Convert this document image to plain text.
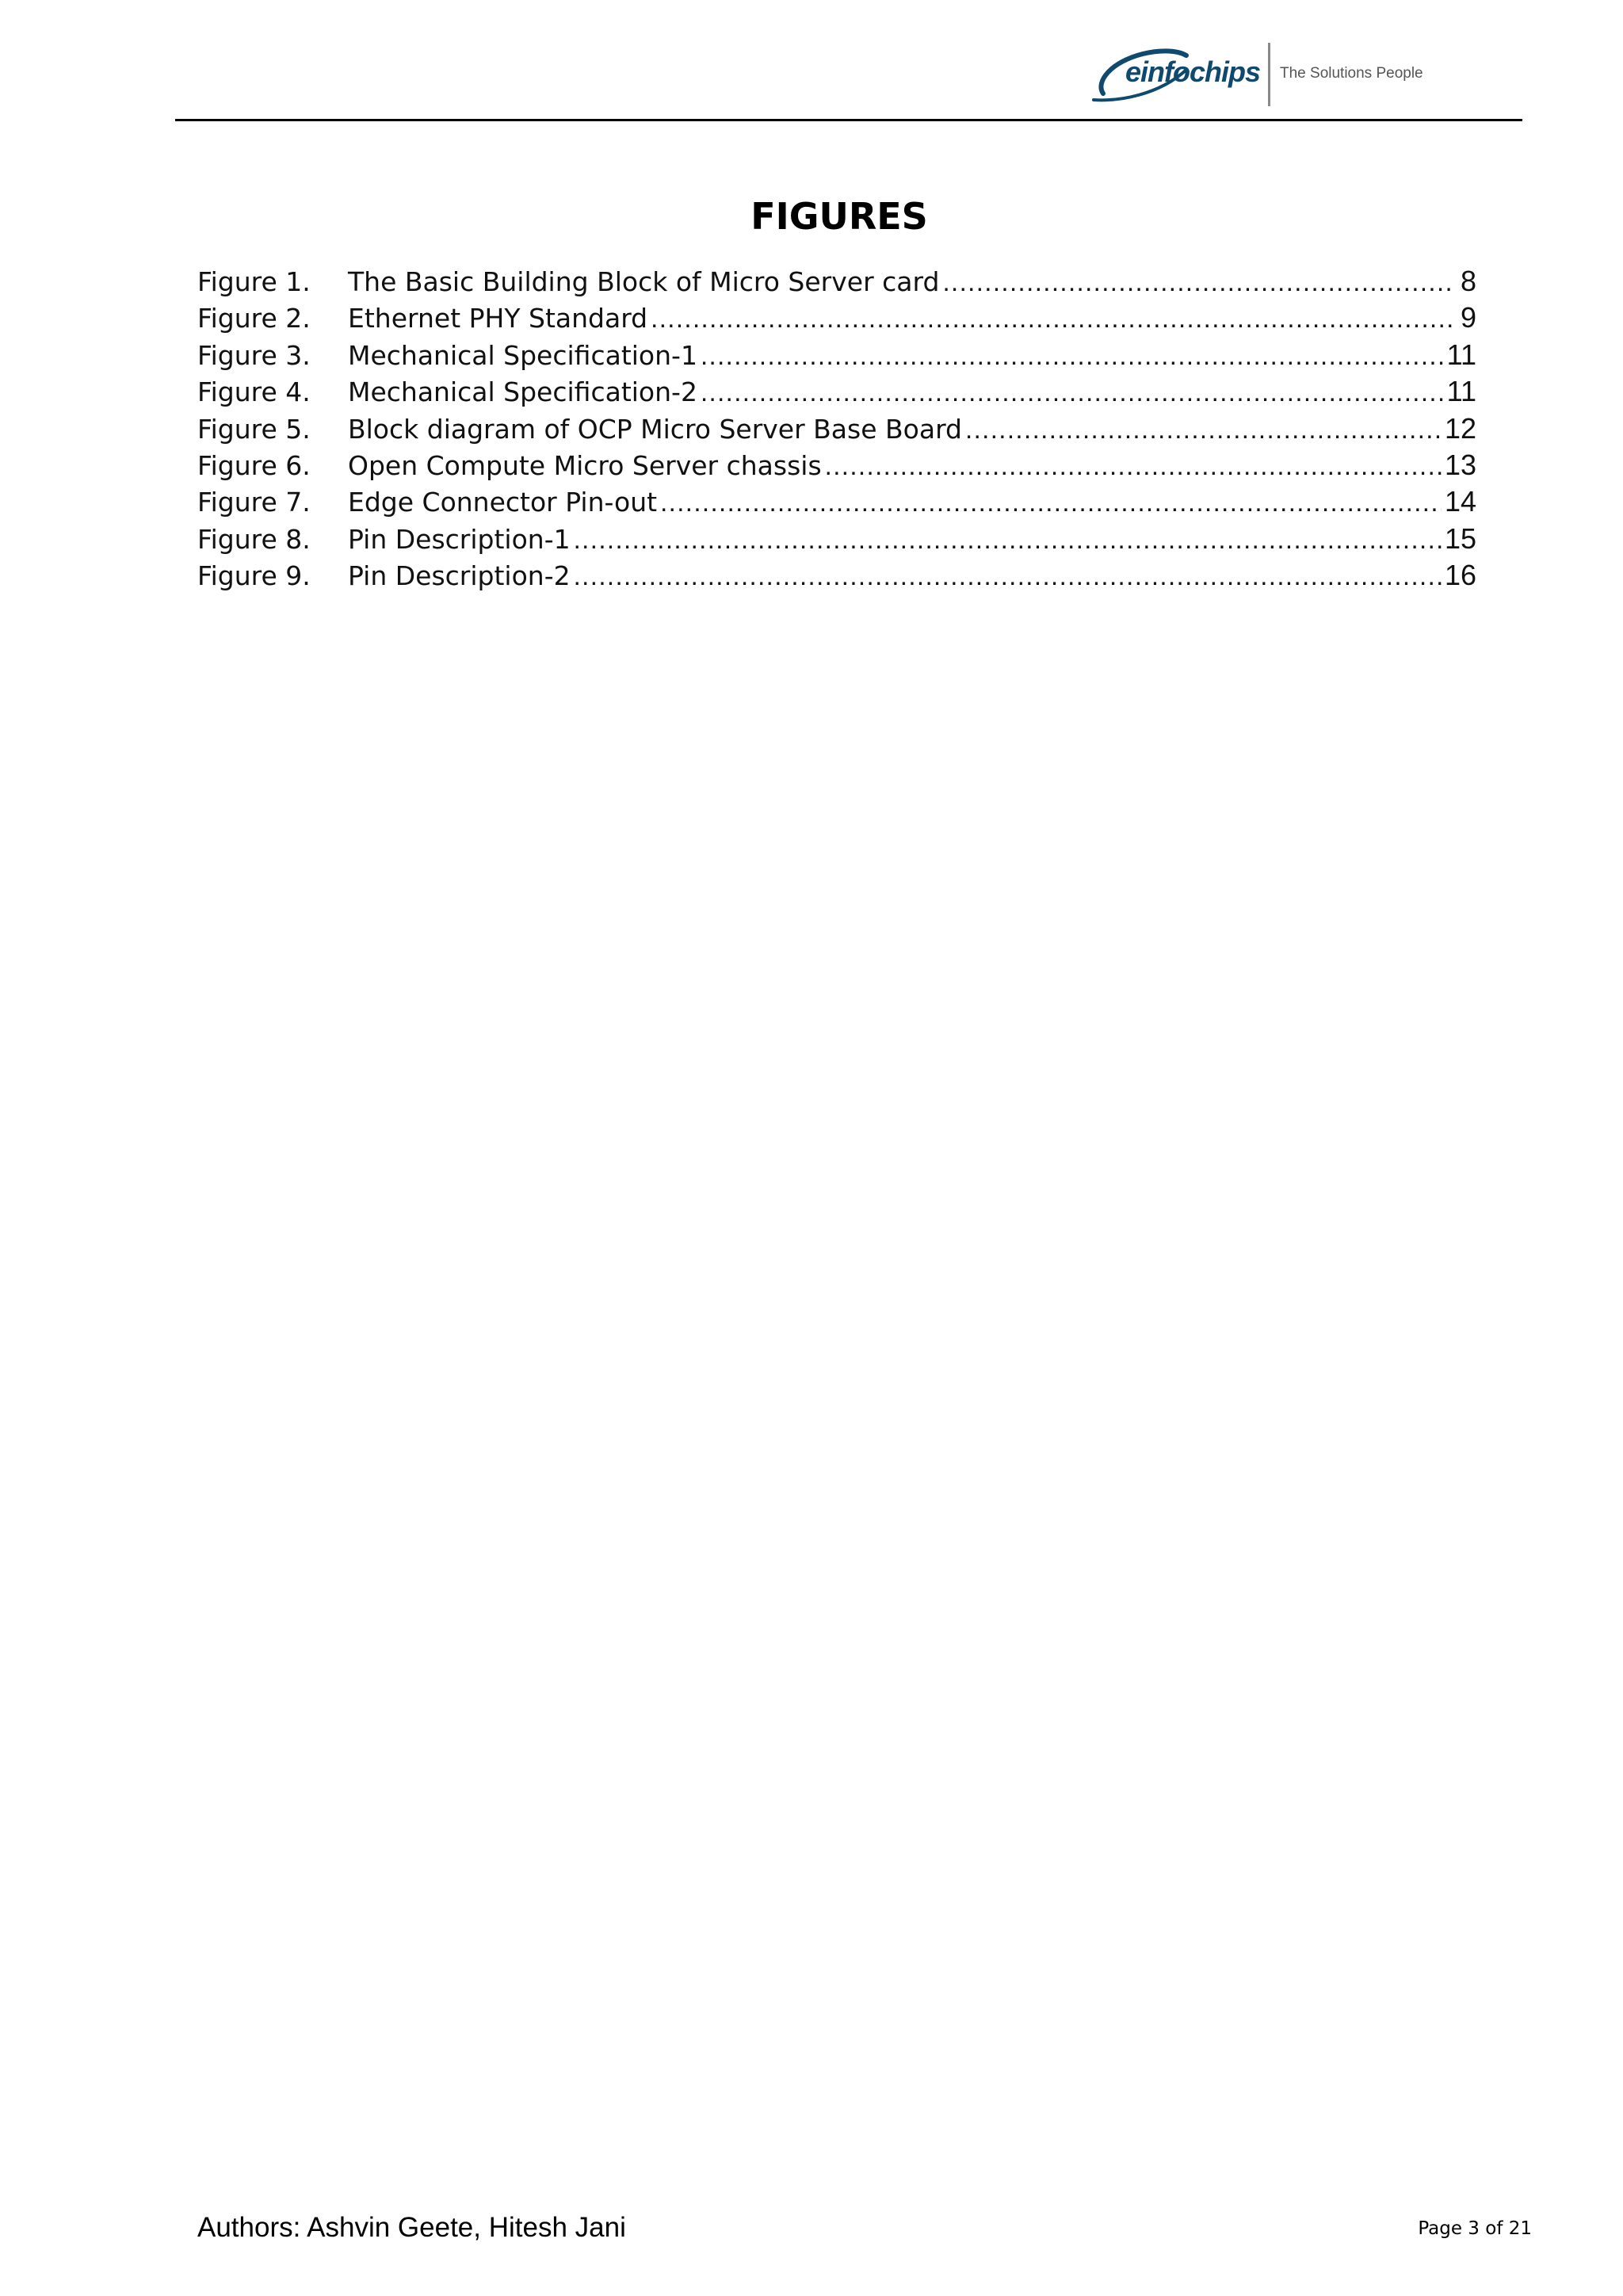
einfochips The Solutions People
FIGURES
Figure 1.	The Basic Building Block of Micro Server card .....	8
Figure 2.	Ethernet PHY Standard .....	9
Figure 3.	Mechanical Specification-1 .....	11
Figure 4.	Mechanical Specification-2 .....	11
Figure 5.	Block diagram of OCP Micro Server Base Board .....	12
Figure 6.	Open Compute Micro Server chassis .....	13
Figure 7.	Edge Connector Pin-out .....	14
Figure 8.	Pin Description-1 .....	15
Figure 9.	Pin Description-2 .....	16
Authors: Ashvin Geete, Hitesh Jani	Page 3 of 21
